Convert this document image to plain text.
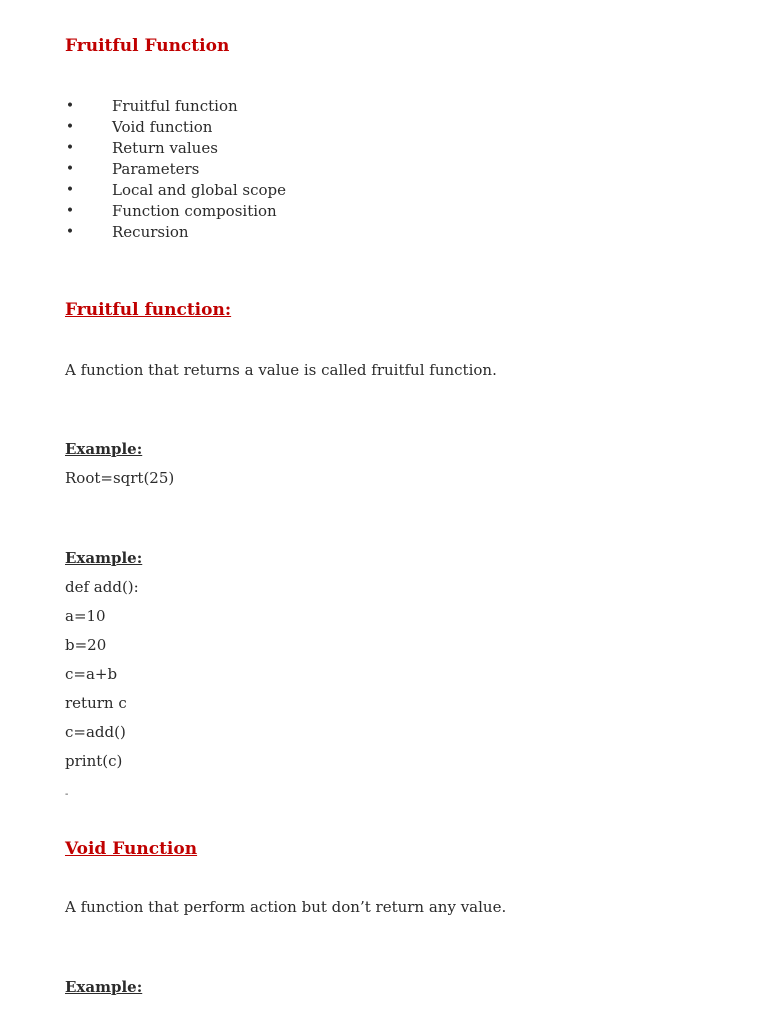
Fruitful Function
•	Fruitful function
•	Void function
•	Return values
•	Parameters
•	Local and global scope
•	Function composition
•	Recursion
Fruitful function:
A function that returns a value is called fruitful function.
Example:
Root=sqrt(25)
Example:
def add():
a=10
b=20
c=a+b
return c
c=add()
print(c)
-
Void Function
A function that perform action but don’t return any value.
Example:
